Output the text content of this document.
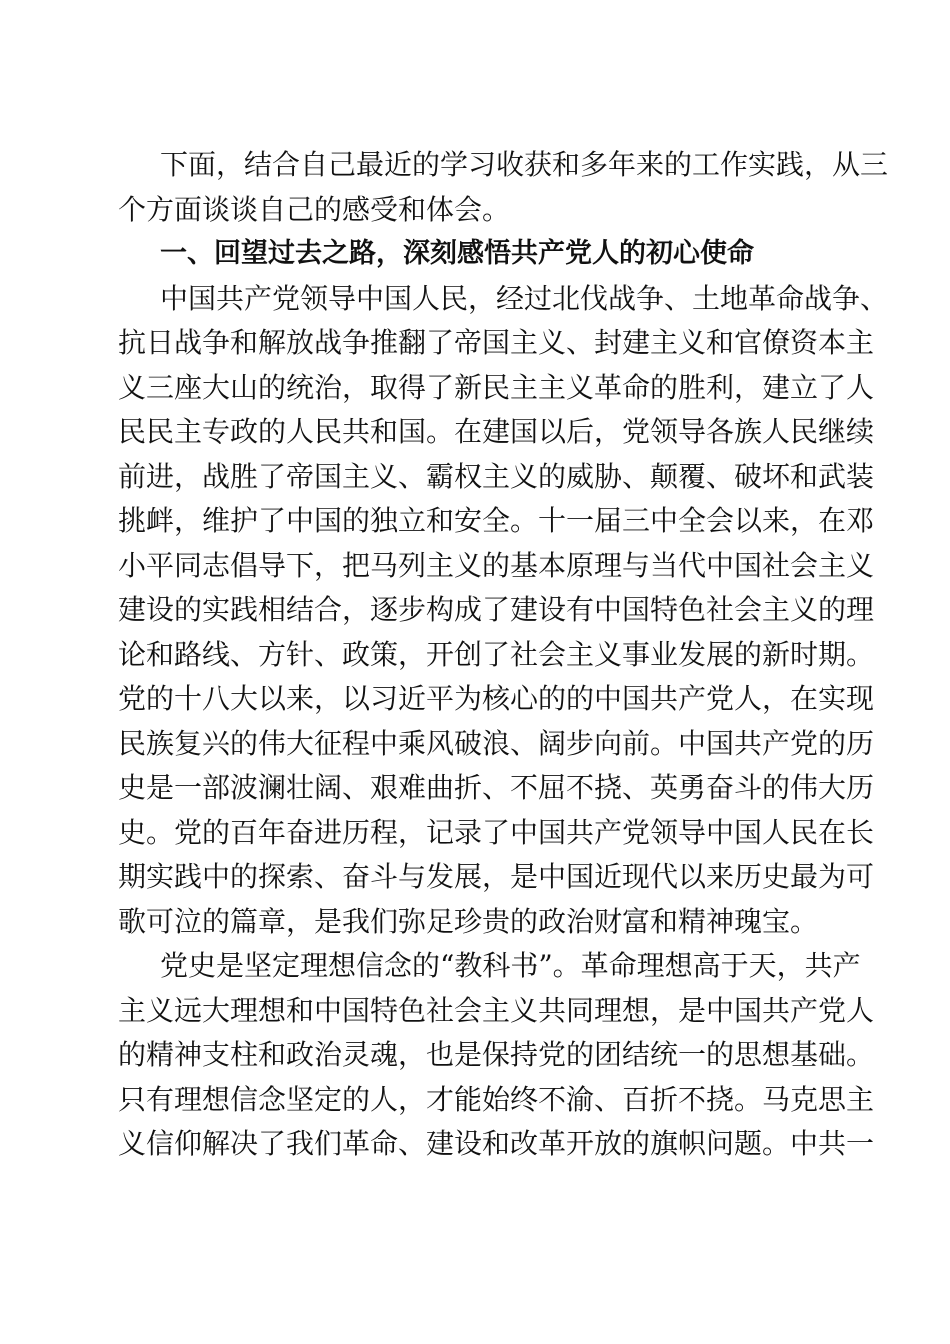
下面，结合自己最近的学习收获和多年来的工作实践，从三
个方面谈谈自己的感受和体会。
一、回望过去之路，深刻感悟共产党人的初心使命
中国共产党领导中国人民，经过北伐战争、土地革命战争、
抗日战争和解放战争推翻了帝国主义、封建主义和官僚资本主
义三座大山的统治，取得了新民主主义革命的胜利，建立了人
民民主专政的人民共和国。在建国以后，党领导各族人民继续
前进，战胜了帝国主义、霸权主义的威胁、颠覆、破坏和武装
挑衅，维护了中国的独立和安全。十一届三中全会以来，在邓
小平同志倡导下，把马列主义的基本原理与当代中国社会主义
建设的实践相结合，逐步构成了建设有中国特色社会主义的理
论和路线、方针、政策，开创了社会主义事业发展的新时期。
党的十八大以来，以习近平为核心的的中国共产党人，在实现
民族复兴的伟大征程中乘风破浪、阔步向前。中国共产党的历
史是一部波澜壮阔、艰难曲折、不屈不挠、英勇奋斗的伟大历
史。党的百年奋进历程，记录了中国共产党领导中国人民在长
期实践中的探索、奋斗与发展，是中国近现代以来历史最为可
歌可泣的篇章，是我们弥足珍贵的政治财富和精神瑰宝。
党史是坚定理想信念的“教科书”。革命理想高于天，共产
主义远大理想和中国特色社会主义共同理想，是中国共产党人
的精神支柱和政治灵魂，也是保持党的团结统一的思想基础。
只有理想信念坚定的人，才能始终不渝、百折不挠。马克思主
义信仰解决了我们革命、建设和改革开放的旗帜问题。中共一
